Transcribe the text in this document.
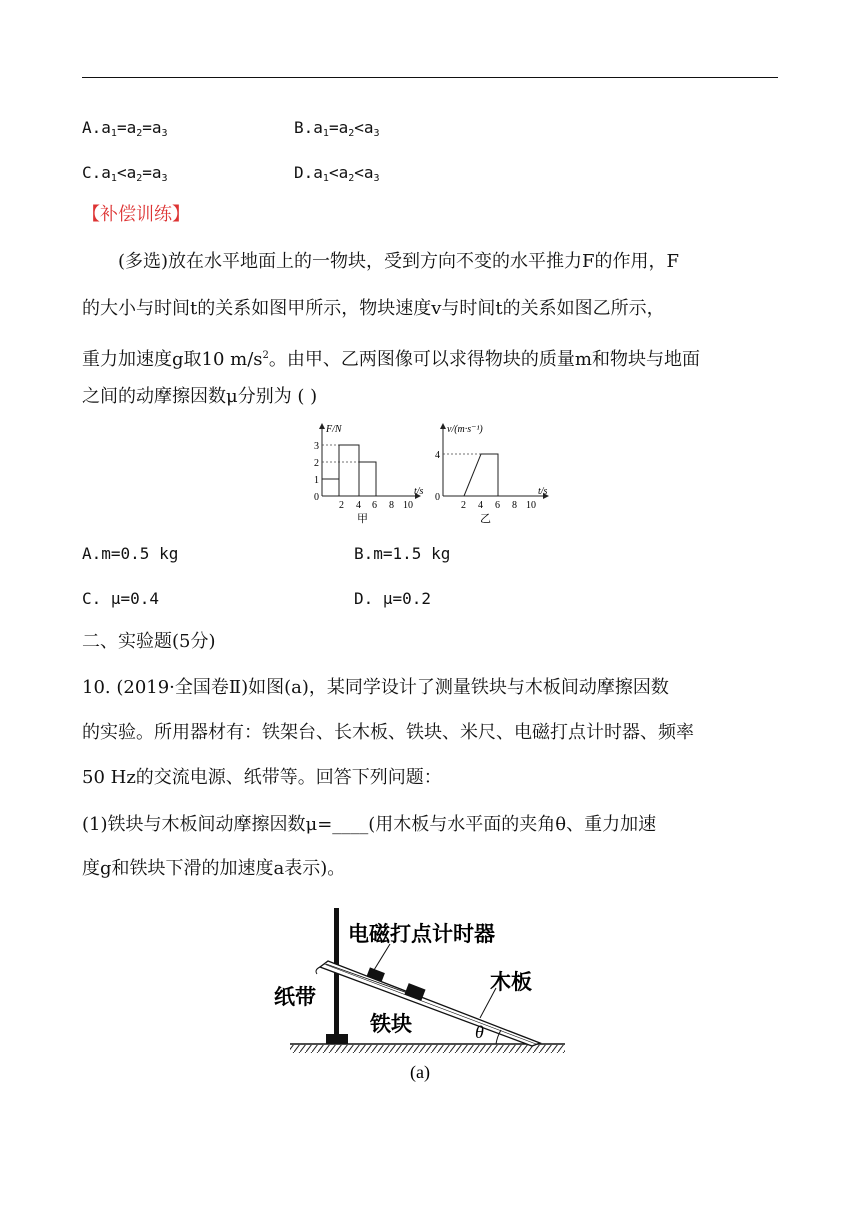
$A.a_1=a_2=a_3$	$B.a_1=a_2<a_3$
$C.a_1<a_2=a_3$	$D.a_1<a_2<a_3$
【补偿训练】
(多选)放在水平地面上的一物块，受到方向不变的水平推力F的作用，F
的大小与时间t的关系如图甲所示，物块速度v与时间t的关系如图乙所示，
重力加速度g取10 $m/s^2$。由甲、乙两图像可以求得物块的质量m和物块与地面
之间的动摩擦因数μ分别为 ( )
F/N
t/s
0
1
2
3
2 4 6 8 10
甲
v/(m·s⁻¹)
t/s
0
4
2 4 6 8 10
乙
A.m=0.5 kg	B.m=1.5 kg
C. μ=0.4	D. μ=0.2
二、实验题(5分)
10. (2019·全国卷Ⅱ)如图(a)，某同学设计了测量铁块与木板间动摩擦因数
的实验。所用器材有：铁架台、长木板、铁块、米尺、电磁打点计时器、频率
50 Hz的交流电源、纸带等。回答下列问题：
(1)铁块与木板间动摩擦因数μ=____(用木板与水平面的夹角θ、重力加速
度g和铁块下滑的加速度a表示)。
θ
电磁打点计时器
纸带
木板
铁块
(a)
